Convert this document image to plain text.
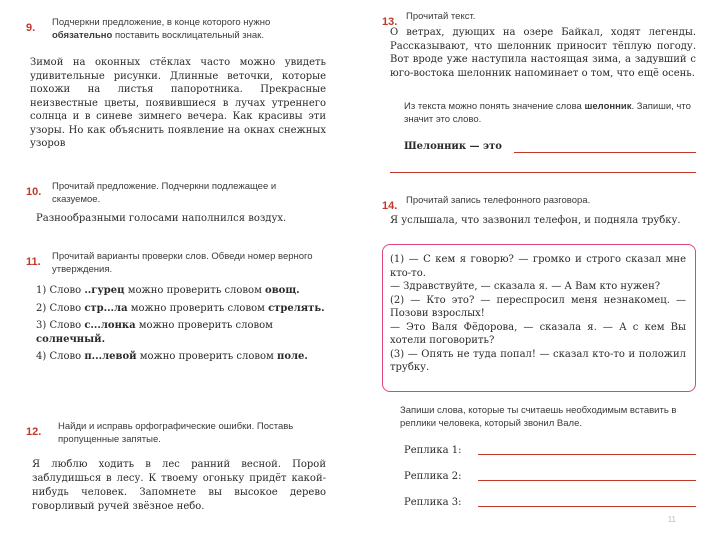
9. Подчеркни предложение, в конце которого нужно обязательно поставить восклицательный знак.
Зимой на оконных стёклах часто можно увидеть удивительные рисунки. Длинные веточки, которые похожи на листья папоротника. Прекрасные неизвестные цветы, появившиеся в лучах утреннего солнца и в синеве зимнего вечера. Как красивы эти узоры. Но как объяснить появление на окнах снежных узоров
10. Прочитай предложение. Подчеркни подлежащее и сказуемое.
Разнообразными голосами наполнился воздух.
11. Прочитай варианты проверки слов. Обведи номер верного утверждения.
1) Слово ..гурец можно проверить словом овощ.
2) Слово стр...ла можно проверить словом стрелять.
3) Слово с...лонка можно проверить словом солнечный.
4) Слово п...левой можно проверить словом поле.
12. Найди и исправь орфографические ошибки. Поставь пропущенные запятые.
Я люблю ходить в лес ранний весной. Порой заблудишься в лесу. К твоему огоньку придёт какой-нибудь человек. Запомнете вы высокое дерево говорливый ручей звёзное небо.
13. Прочитай текст.
О ветрах, дующих на озере Байкал, ходят легенды. Рассказывают, что шелонник приносит тёплую погоду. Вот вроде уже наступила настоящая зима, а задувший с юго-востока шелонник напоминает о том, что ещё осень.
Из текста можно понять значение слова шелонник. Запиши, что значит это слово.
Шелонник — это
14. Прочитай запись телефонного разговора.
Я услышала, что зазвонил телефон, и подняла трубку.
(1) — С кем я говорю? — громко и строго сказал мне кто-то.
— Здравствуйте, — сказала я. — А Вам кто нужен?
(2) — Кто это? — переспросил меня незнакомец. — Позови взрослых!
— Это Валя Фёдорова, — сказала я. — А с кем Вы хотели поговорить?
(3) — Опять не туда попал! — сказал кто-то и положил трубку.
Запиши слова, которые ты считаешь необходимым вставить в реплики человека, который звонил Вале.
Реплика 1:
Реплика 2:
Реплика 3:
11
